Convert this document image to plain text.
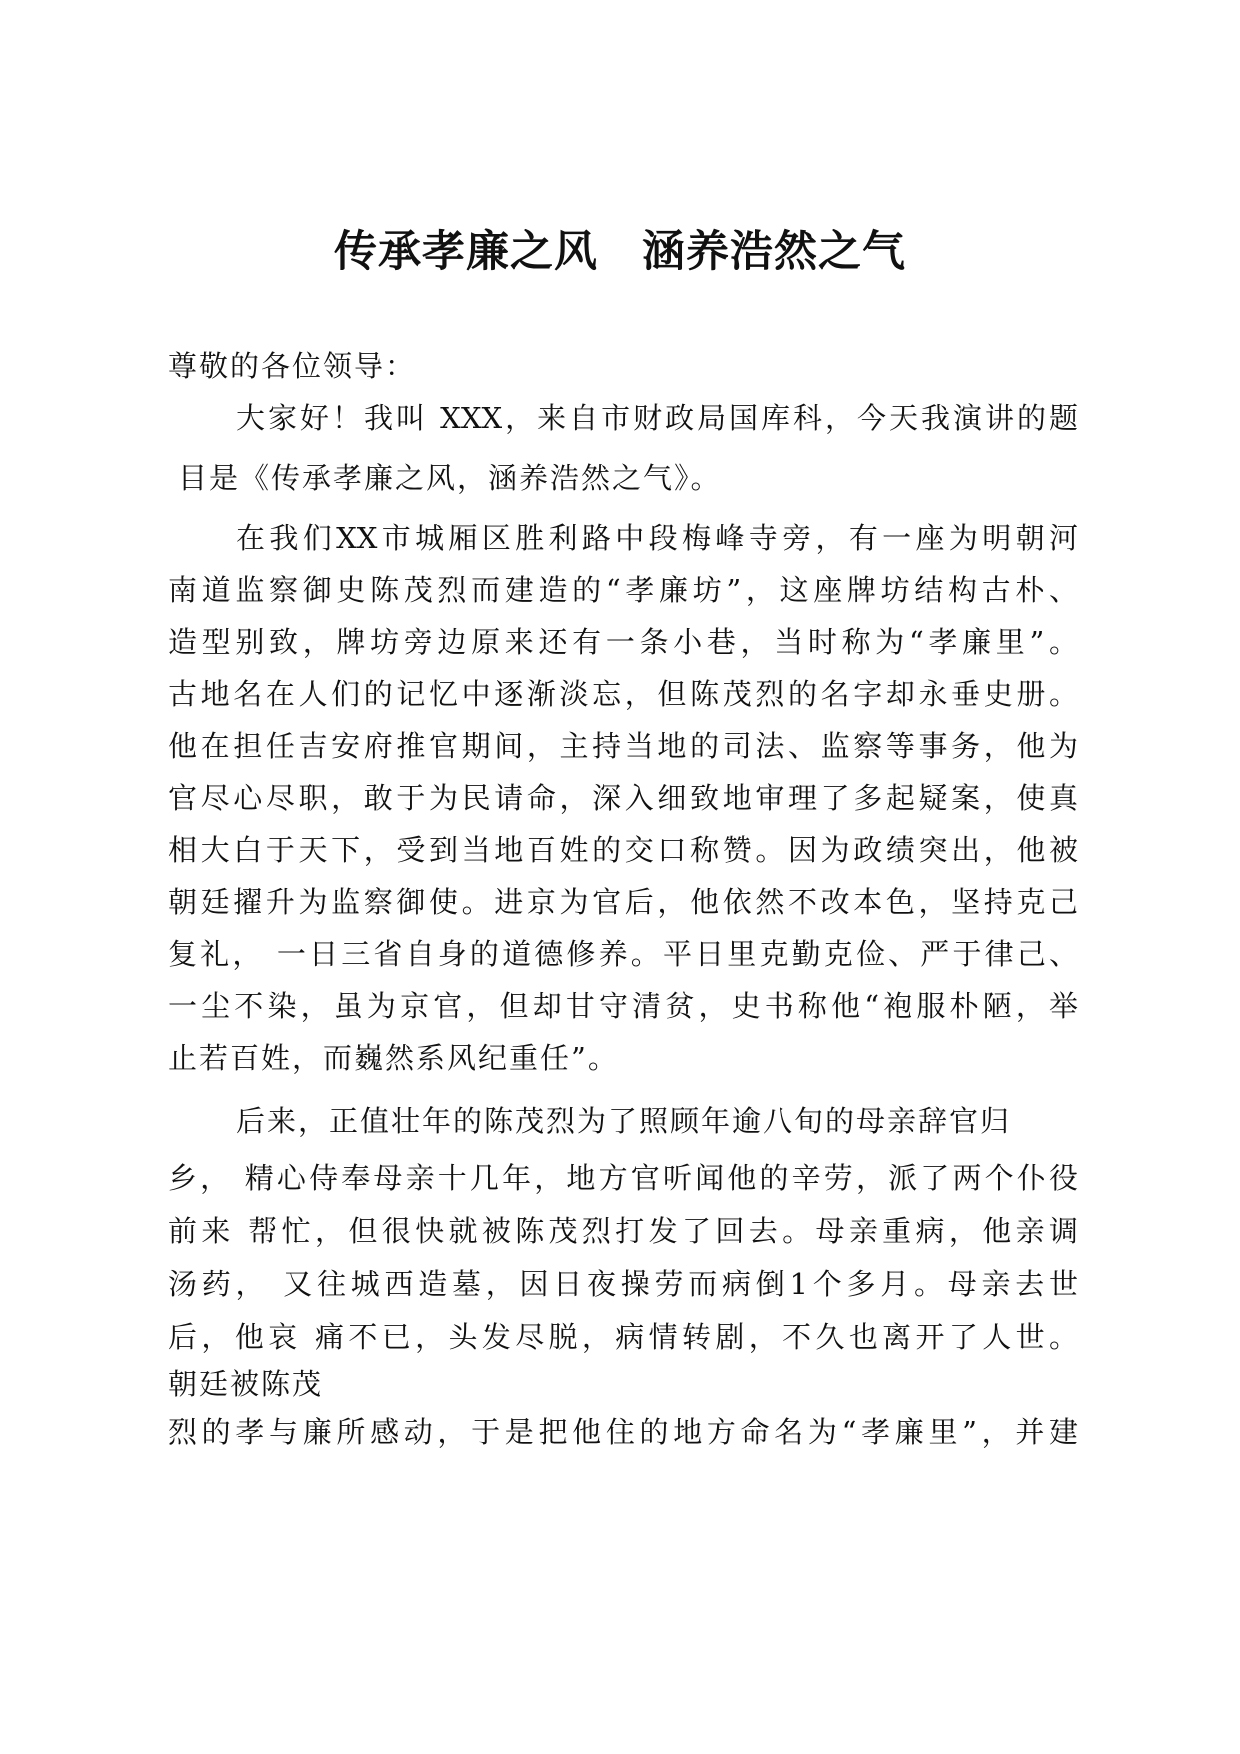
传承孝廉之风　涵养浩然之气

尊敬的各位领导：

大家好！我叫 XXX，来自市财政局国库科，今天我演讲的题

目是《传承孝廉之风，涵养浩然之气》。

在我们XX市城厢区胜利路中段梅峰寺旁，有一座为明朝河

南道监察御史陈茂烈而建造的“孝廉坊”，这座牌坊结构古朴、

造型别致，牌坊旁边原来还有一条小巷，当时称为“孝廉里”。

古地名在人们的记忆中逐渐淡忘，但陈茂烈的名字却永垂史册。

他在担任吉安府推官期间，主持当地的司法、监察等事务，他为

官尽心尽职，敢于为民请命，深入细致地审理了多起疑案，使真

相大白于天下，受到当地百姓的交口称赞。因为政绩突出，他被

朝廷擢升为监察御使。进京为官后，他依然不改本色，坚持克己

复礼， 一日三省自身的道德修养。平日里克勤克俭、严于律己、

一尘不染，虽为京官，但却甘守清贫，史书称他“袍服朴陋，举

止若百姓，而巍然系风纪重任”。

后来，正值壮年的陈茂烈为了照顾年逾八旬的母亲辞官归

乡， 精心侍奉母亲十几年，地方官听闻他的辛劳，派了两个仆役

前来 帮忙，但很快就被陈茂烈打发了回去。母亲重病，他亲调

汤药， 又往城西造墓，因日夜操劳而病倒1个多月。母亲去世

后，他哀 痛不已，头发尽脱，病情转剧，不久也离开了人世。

朝廷被陈茂

烈的孝与廉所感动，于是把他住的地方命名为“孝廉里”，并建
